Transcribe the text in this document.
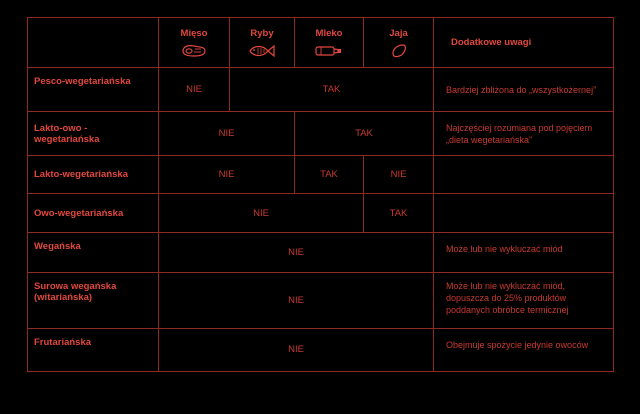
	Mięso	Ryby	Mleko	Jaja	Dodatkowe uwagi
Pesco-wegetariańska	NIE	TAK			Bardziej zbliżona do „wszystkożernej”
Lakto-owo -wegetariańska	NIE		TAK		Najczęściej rozumiana pod pojęciem „dieta wegetariańska”
Lakto-wegetariańska	NIE		TAK	NIE	
Owo-wegetariańska	NIE			TAK	
Wegańska	NIE				Może lub nie wykluczać miód
Surowa wegańska (witariańska)	NIE				Może lub nie wykluczać miód, dopuszcza do 25% produktów poddanych obróbce termicznej
Frutariańska	NIE				Obejmuje spożycie jedynie owoców
